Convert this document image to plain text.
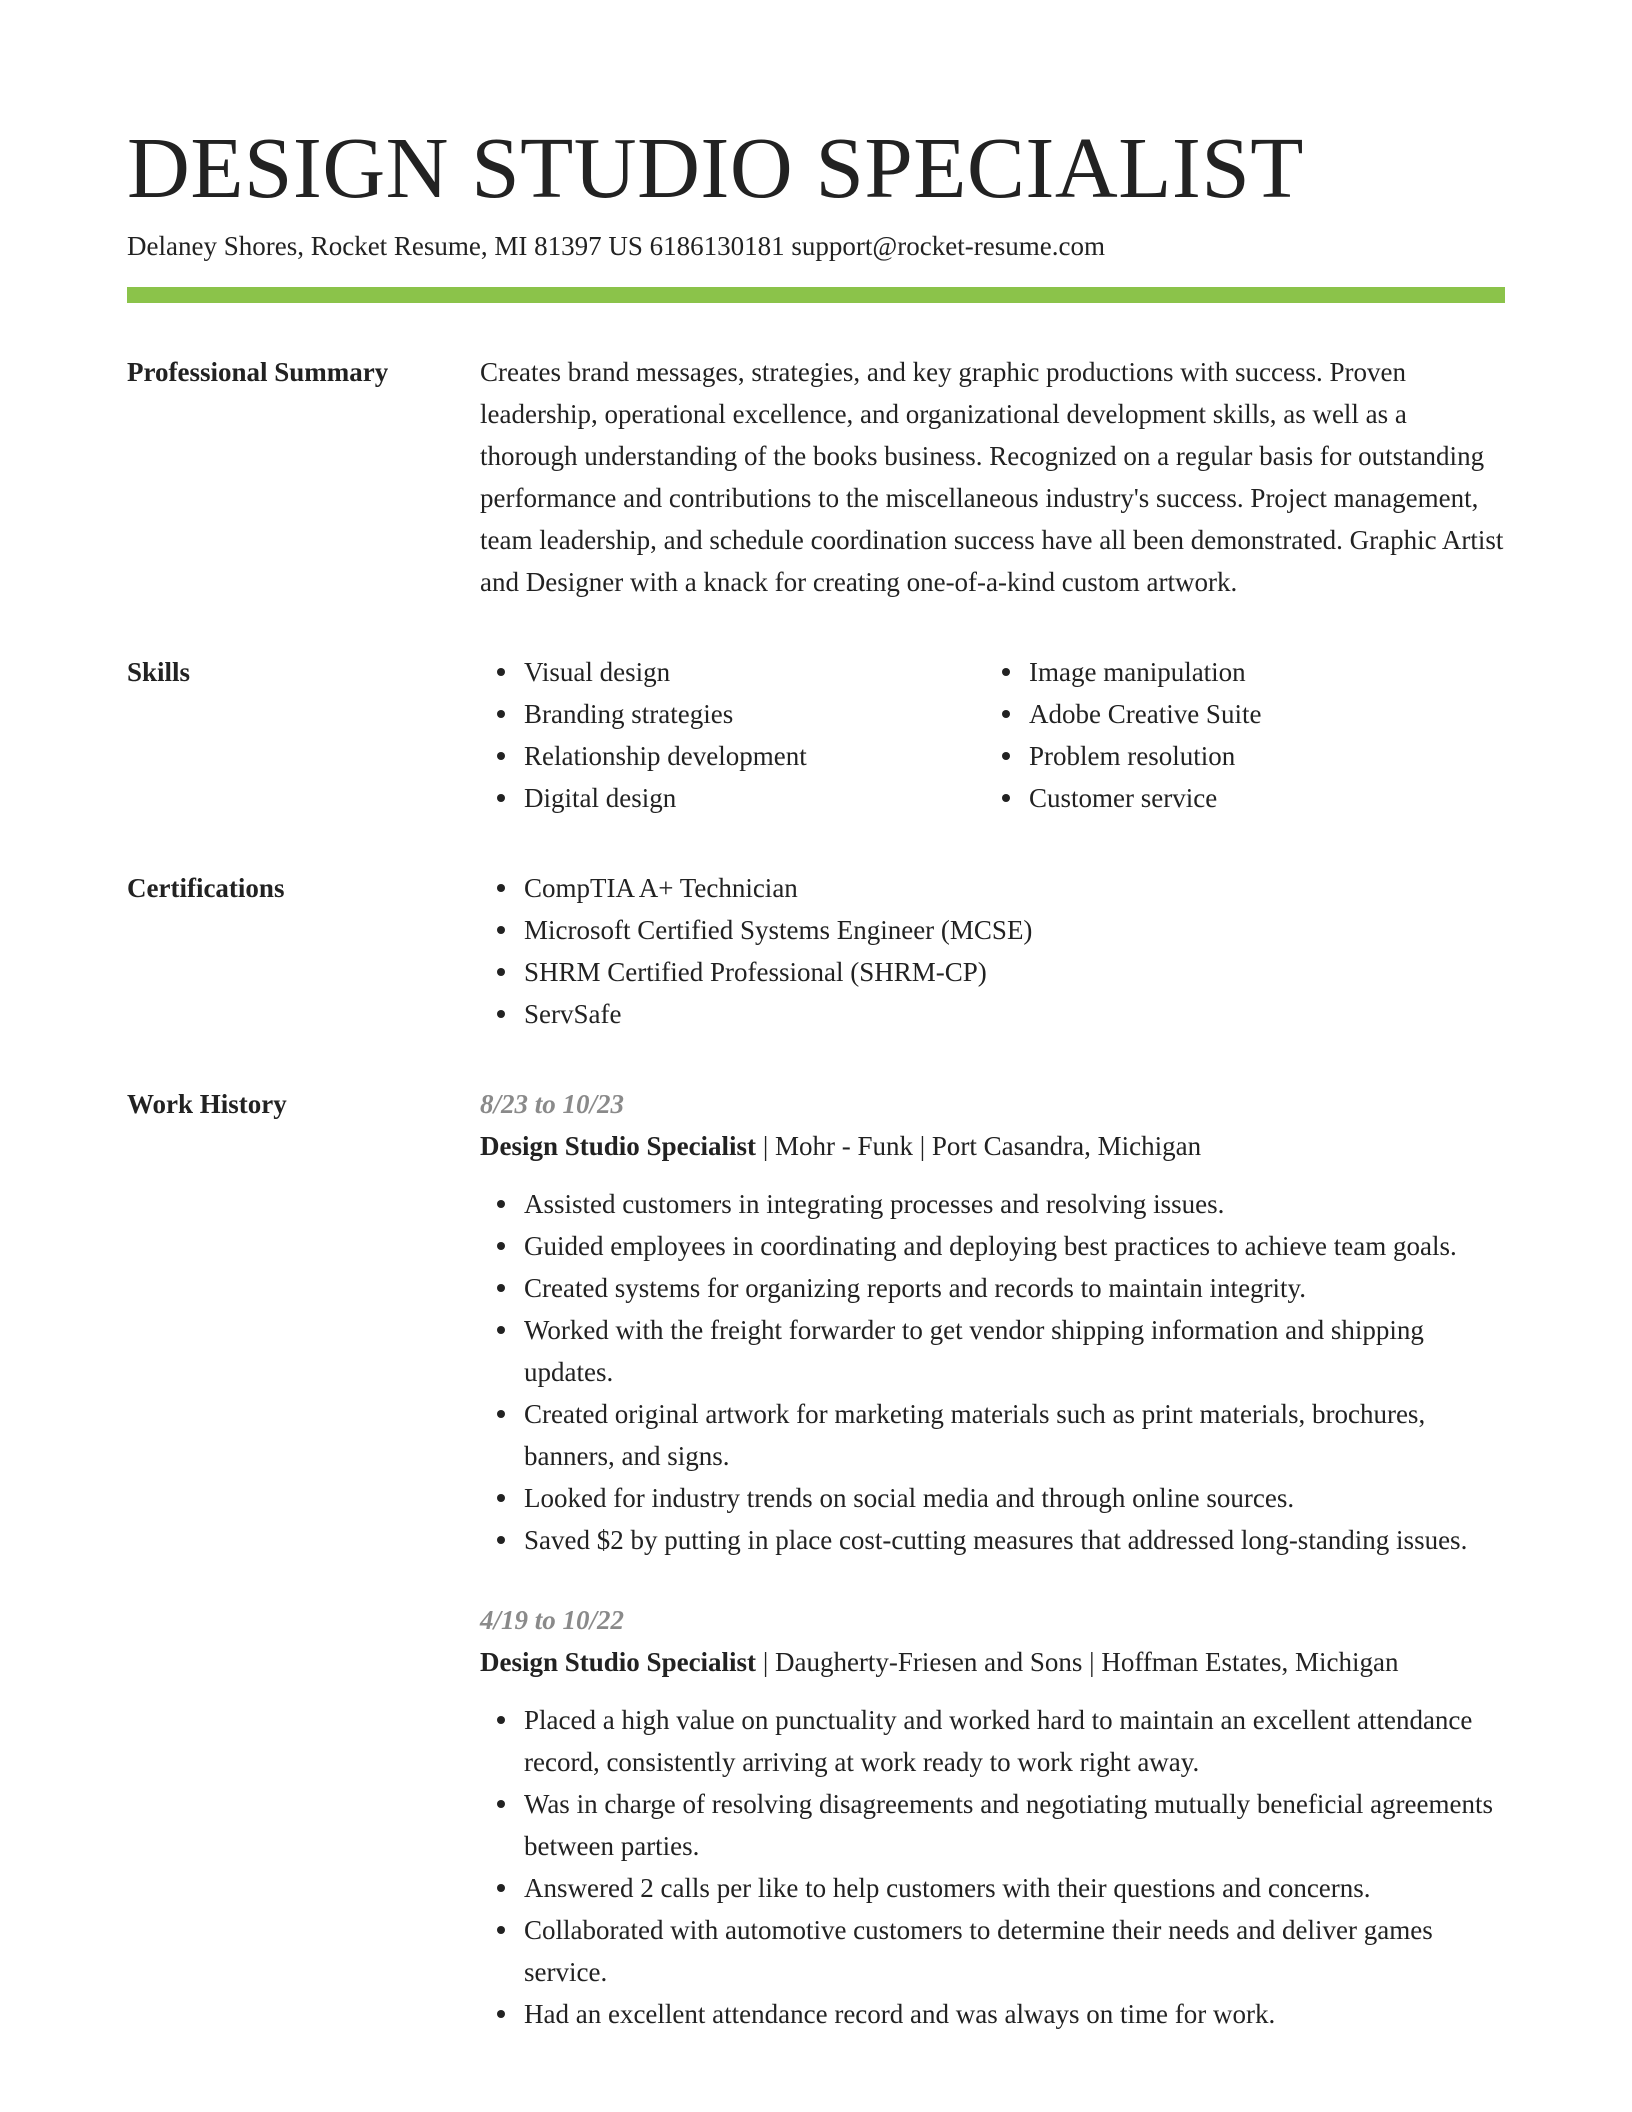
DESIGN STUDIO SPECIALIST
Delaney Shores, Rocket Resume, MI 81397 US 6186130181 support@rocket-resume.com
Professional Summary	Creates brand messages, strategies, and key graphic productions with success. Proven leadership, operational excellence, and organizational development skills, as well as a thorough understanding of the books business. Recognized on a regular basis for outstanding performance and contributions to the miscellaneous industry's success. Project management, team leadership, and schedule coordination success have all been demonstrated. Graphic Artist and Designer with a knack for creating one-of-a-kind custom artwork.
Skills	Visual design
Branding strategies
Relationship development
Digital design
Image manipulation
Adobe Creative Suite
Problem resolution
Customer service
Certifications	CompTIA A+ Technician
Microsoft Certified Systems Engineer (MCSE)
SHRM Certified Professional (SHRM-CP)
ServSafe
Work History	8/23 to 10/23
Design Studio Specialist | Mohr - Funk | Port Casandra, Michigan
Assisted customers in integrating processes and resolving issues.
Guided employees in coordinating and deploying best practices to achieve team goals.
Created systems for organizing reports and records to maintain integrity.
Worked with the freight forwarder to get vendor shipping information and shipping updates.
Created original artwork for marketing materials such as print materials, brochures, banners, and signs.
Looked for industry trends on social media and through online sources.
Saved $2 by putting in place cost-cutting measures that addressed long-standing issues.
4/19 to 10/22
Design Studio Specialist | Daugherty-Friesen and Sons | Hoffman Estates, Michigan
Placed a high value on punctuality and worked hard to maintain an excellent attendance record, consistently arriving at work ready to work right away.
Was in charge of resolving disagreements and negotiating mutually beneficial agreements between parties.
Answered 2 calls per like to help customers with their questions and concerns.
Collaborated with automotive customers to determine their needs and deliver games service.
Had an excellent attendance record and was always on time for work.
